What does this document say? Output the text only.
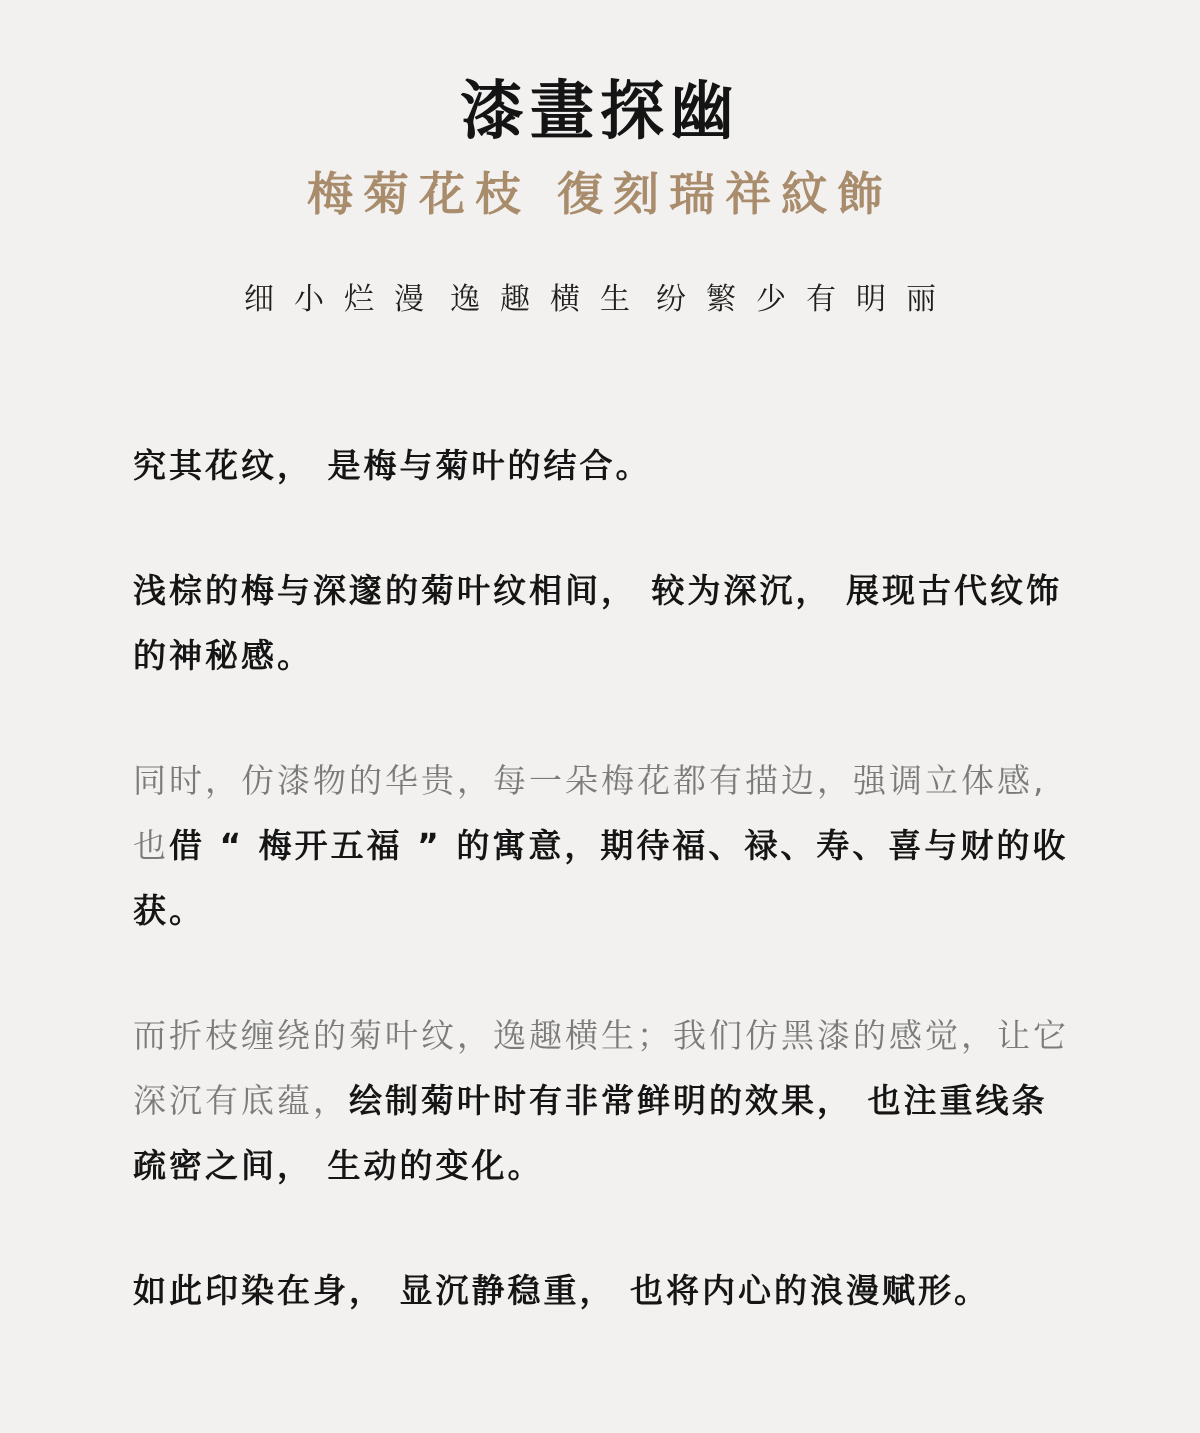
漆畫探幽
梅菊花枝 復刻瑞祥紋飾
细小烂漫 逸趣横生 纷繁少有明丽

究其花纹， 是梅与菊叶的结合。

浅棕的梅与深邃的菊叶纹相间， 较为深沉， 展现古代纹饰的神秘感。

同时，仿漆物的华贵，每一朵梅花都有描边，强调立体感,也借 “ 梅开五福 ” 的寓意，期待福、禄、寿、喜与财的收获。

而折枝缠绕的菊叶纹，逸趣横生；我们仿黑漆的感觉，让它深沉有底蕴，绘制菊叶时有非常鲜明的效果， 也注重线条疏密之间， 生动的变化。

如此印染在身， 显沉静稳重， 也将内心的浪漫赋形。
